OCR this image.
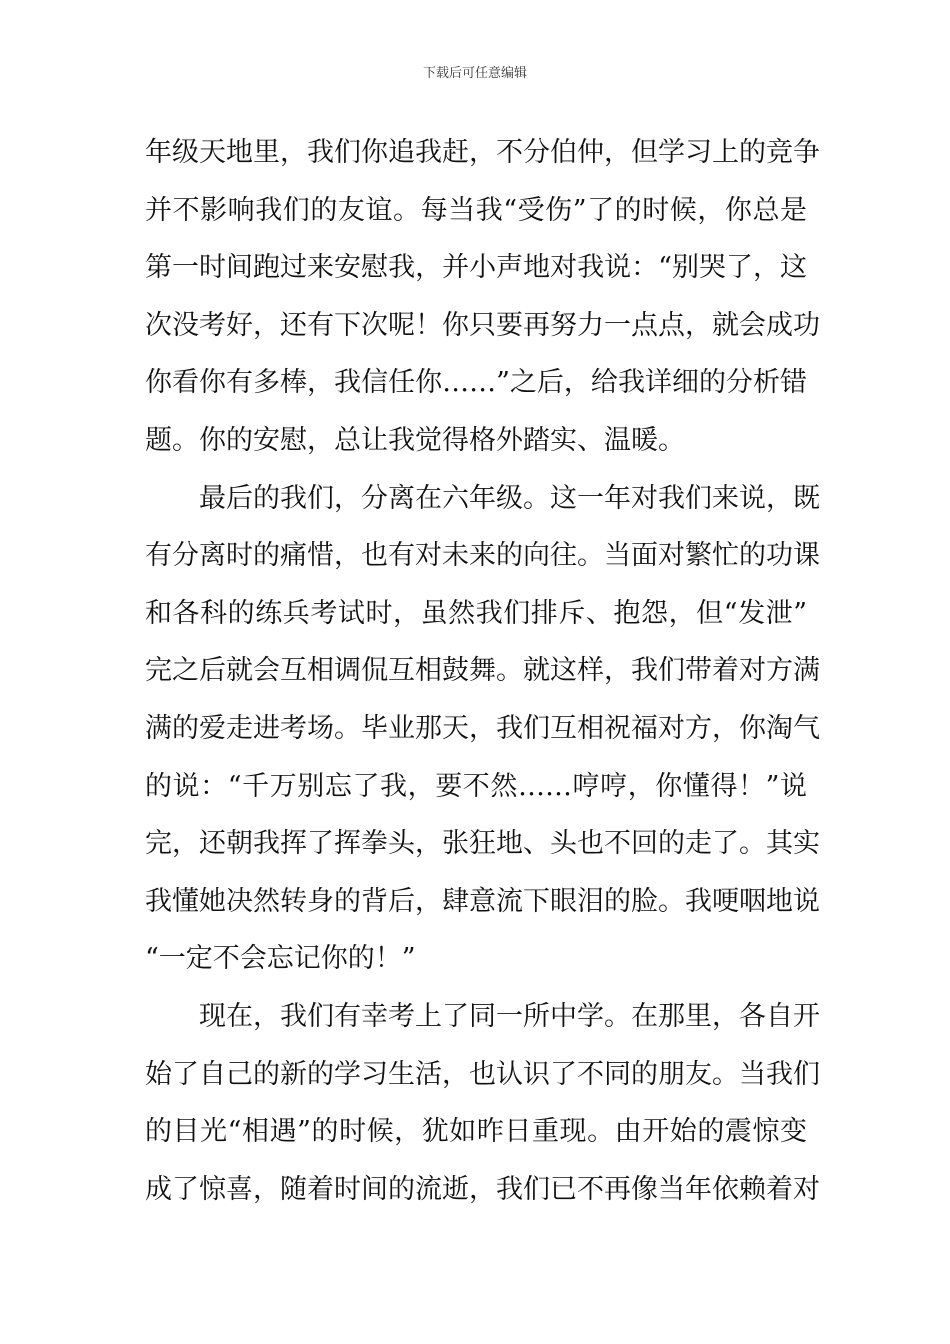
下载后可任意编辑
年级天地里，我们你追我赶，不分伯仲，但学习上的竞争
并不影响我们的友谊。每当我“受伤”了的时候，你总是
第一时间跑过来安慰我，并小声地对我说：“别哭了，这
次没考好，还有下次呢！你只要再努力一点点，就会成功
你看你有多棒，我信任你……”之后，给我详细的分析错
题。你的安慰，总让我觉得格外踏实、温暖。
最后的我们，分离在六年级。这一年对我们来说，既
有分离时的痛惜，也有对未来的向往。当面对繁忙的功课
和各科的练兵考试时，虽然我们排斥、抱怨，但“发泄”
完之后就会互相调侃互相鼓舞。就这样，我们带着对方满
满的爱走进考场。毕业那天，我们互相祝福对方，你淘气
的说：“千万别忘了我，要不然……哼哼，你懂得！”说
完，还朝我挥了挥拳头，张狂地、头也不回的走了。其实
我懂她决然转身的背后，肆意流下眼泪的脸。我哽咽地说
“一定不会忘记你的！”
现在，我们有幸考上了同一所中学。在那里，各自开
始了自己的新的学习生活，也认识了不同的朋友。当我们
的目光“相遇”的时候，犹如昨日重现。由开始的震惊变
成了惊喜，随着时间的流逝，我们已不再像当年依赖着对
